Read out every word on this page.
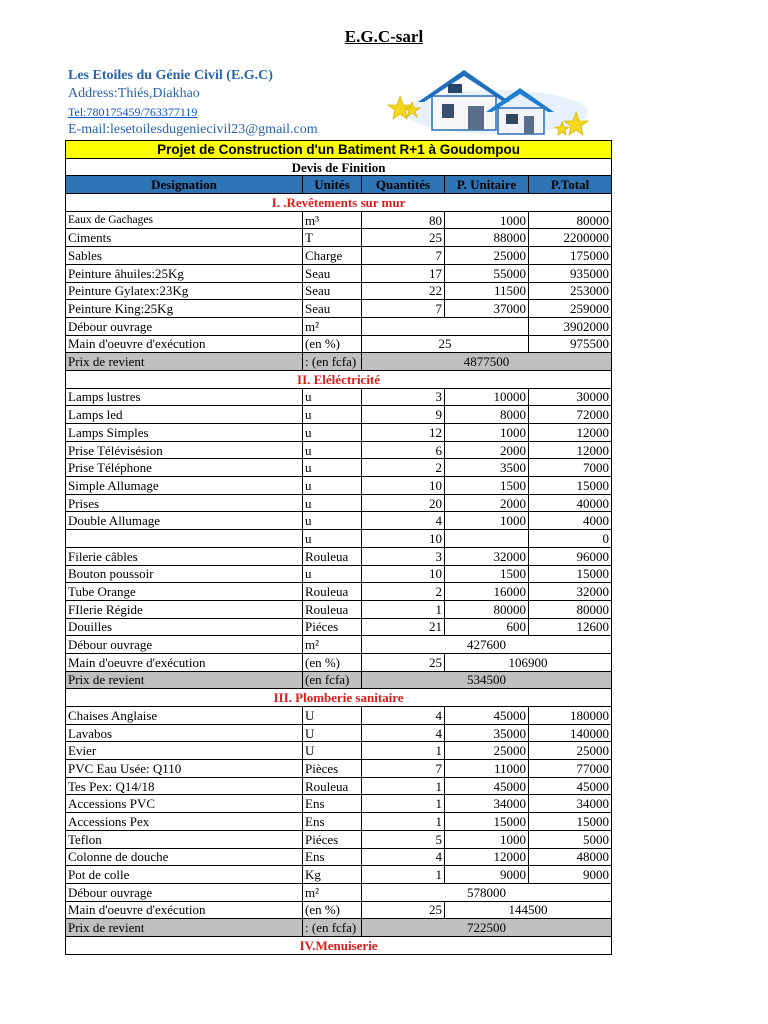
E.G.C-sarl
Les Etoiles du Génie Civil (E.G.C)
Address:Thiés,Diakhao
Tel:780175459/763377119
E-mail:lesetoilesdugeniecivil23@gmail.com
Projet de Construction d'un Batiment R+1 à Goudompou				
Devis de Finition				
Designation	Unités	Quantités	P. Unitaire	P.Total
I. .Revêtements sur mur				
Eaux de Gachages	m³	80	1000	80000
Ciments	T	25	88000	2200000
Sables	Charge	7	25000	175000
Peinture âhuiles:25Kg	Seau	17	55000	935000
Peinture Gylatex:23Kg	Seau	22	11500	253000
Peinture King:25Kg	Seau	7	37000	259000
Débour ouvrage	m²			3902000
Main d'oeuvre d'exécution	(en %)	25		975500
Prix de revient	: (en fcfa)	4877500		
II. Eléléctricité				
Lamps lustres	u	3	10000	30000
Lamps led	u	9	8000	72000
Lamps Simples	u	12	1000	12000
Prise Télévisésion	u	6	2000	12000
Prise Téléphone	u	2	3500	7000
Simple Allumage	u	10	1500	15000
Prises	u	20	2000	40000
Double Allumage	u	4	1000	4000
	u	10		0
Filerie câbles	Rouleua	3	32000	96000
Bouton poussoir	u	10	1500	15000
Tube Orange	Rouleua	2	16000	32000
FIlerie Régide	Rouleua	1	80000	80000
Douilles	Piéces	21	600	12600
Débour ouvrage	m²	427600		
Main d'oeuvre d'exécution	(en %)	25	106900	
Prix de revient	(en fcfa)	534500		
III. Plomberie sanitaire				
Chaises Anglaise	U	4	45000	180000
Lavabos	U	4	35000	140000
Evier	U	1	25000	25000
PVC Eau Usée: Q110	Pièces	7	11000	77000
Tes Pex: Q14/18	Rouleua	1	45000	45000
Accessions PVC	Ens	1	34000	34000
Accessions Pex	Ens	1	15000	15000
Teflon	Piéces	5	1000	5000
Colonne de douche	Ens	4	12000	48000
Pot de colle	Kg	1	9000	9000
Débour ouvrage	m²	578000		
Main d'oeuvre d'exécution	(en %)	25	144500	
Prix de revient	: (en fcfa)	722500		
IV.Menuiserie				
